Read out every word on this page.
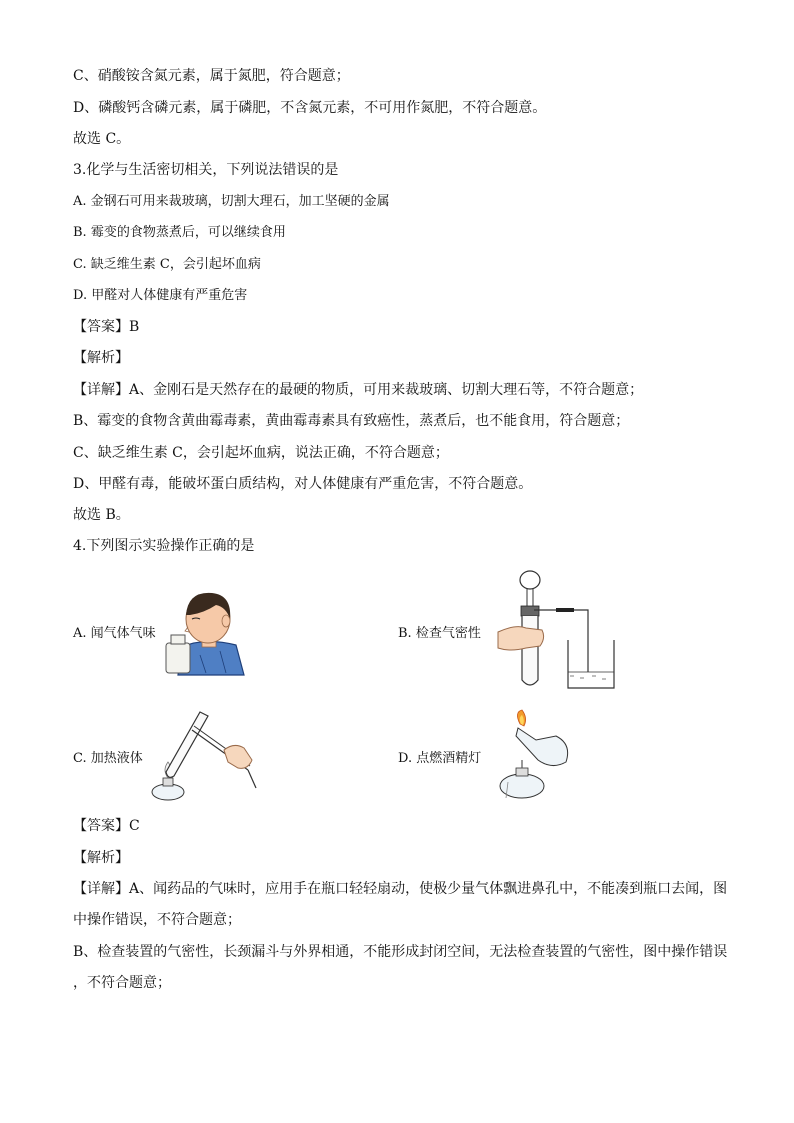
C、硝酸铵含氮元素，属于氮肥，符合题意；
D、磷酸钙含磷元素，属于磷肥，不含氮元素，不可用作氮肥，不符合题意。
故选 C。
3.化学与生活密切相关，下列说法错误的是
A. 金钢石可用来裁玻璃，切割大理石，加工坚硬的金属
B. 霉变的食物蒸煮后，可以继续食用
C. 缺乏维生素 C，会引起坏血病
D. 甲醛对人体健康有严重危害
【答案】B
【解析】
【详解】A、金刚石是天然存在的最硬的物质，可用来裁玻璃、切割大理石等，不符合题意；
B、霉变的食物含黄曲霉毒素，黄曲霉毒素具有致癌性，蒸煮后，也不能食用，符合题意；
C、缺乏维生素 C，会引起坏血病，说法正确，不符合题意；
D、甲醛有毒，能破坏蛋白质结构，对人体健康有严重危害，不符合题意。
故选 B。
4.下列图示实验操作正确的是
A. 闻气体气味	B. 检查气密性
C. 加热液体	D. 点燃酒精灯
【答案】C
【解析】
【详解】A、闻药品的气味时，应用手在瓶口轻轻扇动，使极少量气体飘进鼻孔中，不能凑到瓶口去闻，图
中操作错误，不符合题意；
B、检查装置的气密性，长颈漏斗与外界相通，不能形成封闭空间，无法检查装置的气密性，图中操作错误
，不符合题意；
